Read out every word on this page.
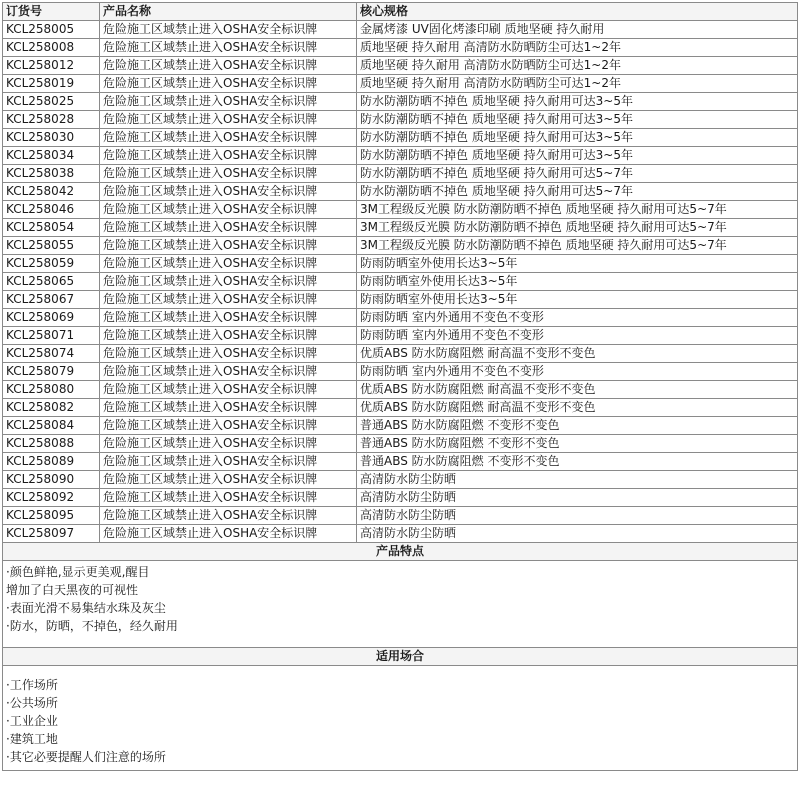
订货号	产品名称	核心规格
KCL258005	危险施工区域禁止进入OSHA安全标识牌	金属烤漆 UV固化烤漆印刷 质地坚硬 持久耐用
KCL258008	危险施工区域禁止进入OSHA安全标识牌	质地坚硬 持久耐用 高清防水防晒防尘可达1~2年
KCL258012	危险施工区域禁止进入OSHA安全标识牌	质地坚硬 持久耐用 高清防水防晒防尘可达1~2年
KCL258019	危险施工区域禁止进入OSHA安全标识牌	质地坚硬 持久耐用 高清防水防晒防尘可达1~2年
KCL258025	危险施工区域禁止进入OSHA安全标识牌	防水防潮防晒不掉色 质地坚硬 持久耐用可达3~5年
KCL258028	危险施工区域禁止进入OSHA安全标识牌	防水防潮防晒不掉色 质地坚硬 持久耐用可达3~5年
KCL258030	危险施工区域禁止进入OSHA安全标识牌	防水防潮防晒不掉色 质地坚硬 持久耐用可达3~5年
KCL258034	危险施工区域禁止进入OSHA安全标识牌	防水防潮防晒不掉色 质地坚硬 持久耐用可达3~5年
KCL258038	危险施工区域禁止进入OSHA安全标识牌	防水防潮防晒不掉色 质地坚硬 持久耐用可达5~7年
KCL258042	危险施工区域禁止进入OSHA安全标识牌	防水防潮防晒不掉色 质地坚硬 持久耐用可达5~7年
KCL258046	危险施工区域禁止进入OSHA安全标识牌	3M工程级反光膜 防水防潮防晒不掉色 质地坚硬 持久耐用可达5~7年
KCL258054	危险施工区域禁止进入OSHA安全标识牌	3M工程级反光膜 防水防潮防晒不掉色 质地坚硬 持久耐用可达5~7年
KCL258055	危险施工区域禁止进入OSHA安全标识牌	3M工程级反光膜 防水防潮防晒不掉色 质地坚硬 持久耐用可达5~7年
KCL258059	危险施工区域禁止进入OSHA安全标识牌	防雨防晒室外使用长达3~5年
KCL258065	危险施工区域禁止进入OSHA安全标识牌	防雨防晒室外使用长达3~5年
KCL258067	危险施工区域禁止进入OSHA安全标识牌	防雨防晒室外使用长达3~5年
KCL258069	危险施工区域禁止进入OSHA安全标识牌	防雨防晒 室内外通用不变色不变形
KCL258071	危险施工区域禁止进入OSHA安全标识牌	防雨防晒 室内外通用不变色不变形
KCL258074	危险施工区域禁止进入OSHA安全标识牌	优质ABS 防水防腐阻燃 耐高温不变形不变色
KCL258079	危险施工区域禁止进入OSHA安全标识牌	防雨防晒 室内外通用不变色不变形
KCL258080	危险施工区域禁止进入OSHA安全标识牌	优质ABS 防水防腐阻燃 耐高温不变形不变色
KCL258082	危险施工区域禁止进入OSHA安全标识牌	优质ABS 防水防腐阻燃 耐高温不变形不变色
KCL258084	危险施工区域禁止进入OSHA安全标识牌	普通ABS 防水防腐阻燃 不变形不变色
KCL258088	危险施工区域禁止进入OSHA安全标识牌	普通ABS 防水防腐阻燃 不变形不变色
KCL258089	危险施工区域禁止进入OSHA安全标识牌	普通ABS 防水防腐阻燃 不变形不变色
KCL258090	危险施工区域禁止进入OSHA安全标识牌	高清防水防尘防晒
KCL258092	危险施工区域禁止进入OSHA安全标识牌	高清防水防尘防晒
KCL258095	危险施工区域禁止进入OSHA安全标识牌	高清防水防尘防晒
KCL258097	危险施工区域禁止进入OSHA安全标识牌	高清防水防尘防晒
产品特点		

·颜色鲜艳,显示更美观,醒目
增加了白天黑夜的可视性
·表面光滑不易集结水珠及灰尘
·防水，防晒，不掉色，经久耐用		

适用场合		

·工作场所
·公共场所
·工业企业
·建筑工地
·其它必要提醒人们注意的场所		
